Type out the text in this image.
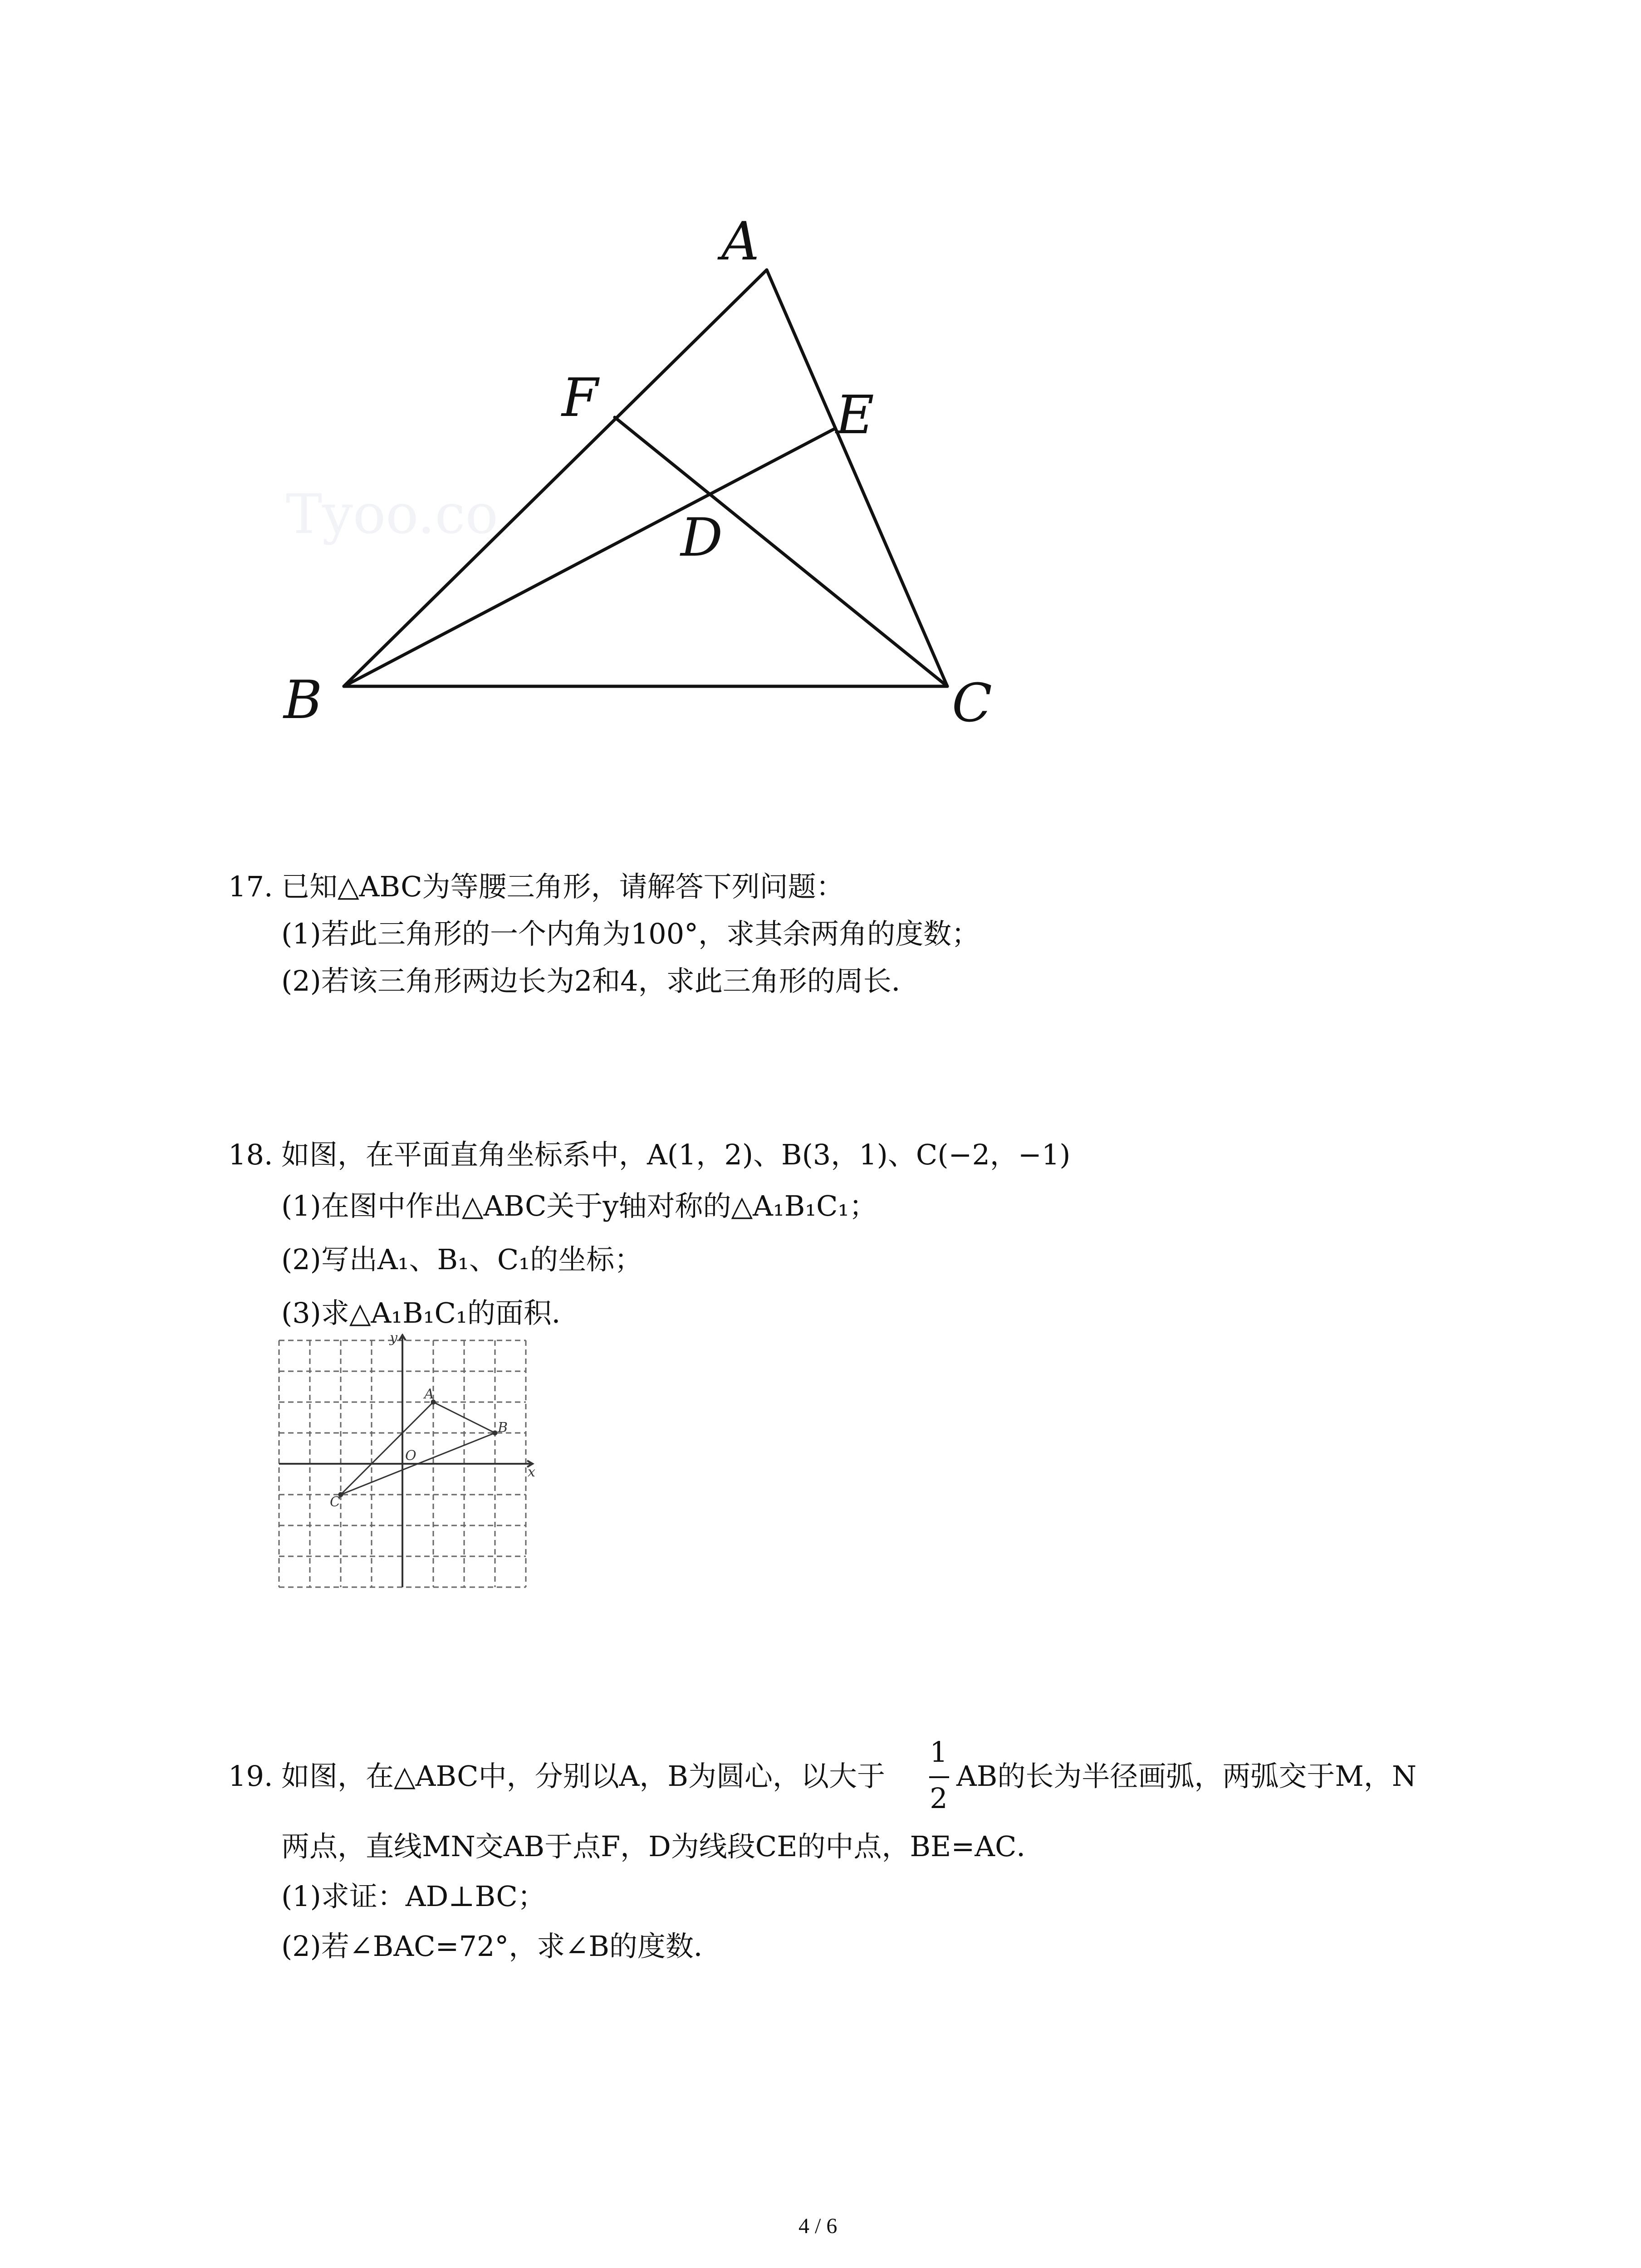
Tyoo.co
A
F	E
D
B	C
17. 已知△ABC为等腰三角形，请解答下列问题：
(1)若此三角形的一个内角为100°，求其余两角的度数；
(2)若该三角形两边长为2和4，求此三角形的周长．
18. 如图，在平面直角坐标系中，A(1，2)、B(3，1)、C(−2，−1)
(1)在图中作出△ABC关于y轴对称的△A₁B₁C₁；
(2)写出A₁、B₁、C₁的坐标；
(3)求△A₁B₁C₁的面积．
y
x
O
A
B
C
19. 如图，在△ABC中，分别以A，B为圆心，以大于
1
2
AB的长为半径画弧，两弧交于M，N
两点，直线MN交AB于点F，D为线段CE的中点，BE=AC．
(1)求证：AD⊥BC；
(2)若∠BAC=72°，求∠B的度数．
4 / 6
